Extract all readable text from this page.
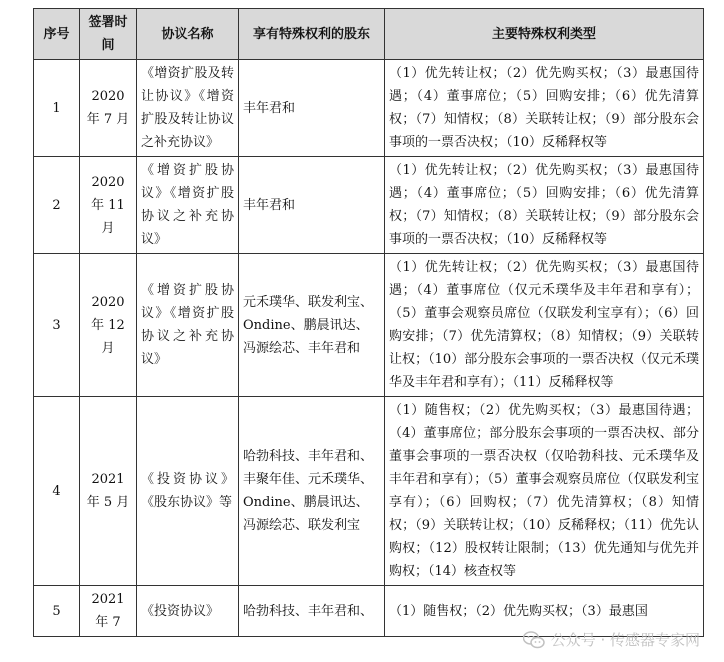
序号	签署时间	协议名称	享有特殊权利的股东	主要特殊权利类型
1	2020 年 7 月	《增资扩股及转让协议》《增资扩股及转让协议之补充协议》	丰年君和	（1）优先转让权；（2）优先购买权；（3）最惠国待遇；（4）董事席位；（5）回购安排；（6）优先清算权；（7）知情权；（8）关联转让权；（9）部分股东会事项的一票否决权；（10）反稀释权等
2	2020 年 11 月	《增资扩股协议》《增资扩股协议之补充协议》	丰年君和	（1）优先转让权；（2）优先购买权；（3）最惠国待遇；（4）董事席位；（5）回购安排；（6）优先清算权；（7）知情权；（8）关联转让权；（9）部分股东会事项的一票否决权；（10）反稀释权等
3	2020 年 12 月	《增资扩股协议》《增资扩股协议之补充协议》	元禾璞华、联发利宝、Ondine、鹏晨讯达、冯源绘芯、丰年君和	（1）优先转让权；（2）优先购买权；（3）最惠国待遇；（4）董事席位（仅元禾璞华及丰年君和享有）；（5）董事会观察员席位（仅联发利宝享有）；（6）回购安排；（7）优先清算权；（8）知情权；（9）关联转让权；（10）部分股东会事项的一票否决权（仅元禾璞华及丰年君和享有）；（11）反稀释权等
4	2021 年 5 月	《投资协议》《股东协议》等	哈勃科技、丰年君和、丰聚年佳、元禾璞华、Ondine、鹏晨讯达、冯源绘芯、联发利宝	（1）随售权；（2）优先购买权；（3）最惠国待遇；（4）董事席位；部分股东会事项的一票否决权、部分董事会事项的一票否决权（仅哈勃科技、元禾璞华及丰年君和享有）；（5）董事会观察员席位（仅联发利宝享有）；（6）回购权；（7）优先清算权；（8）知情权；（9）关联转让权；（10）反稀释权；（11）优先认购权；（12）股权转让限制；（13）优先通知与优先并购权；（14）核查权等
5	2021 年 7	《投资协议》	哈勃科技、丰年君和、	（1）随售权；（2）优先购买权；（3）最惠国
公众号 · 传感器专家网
